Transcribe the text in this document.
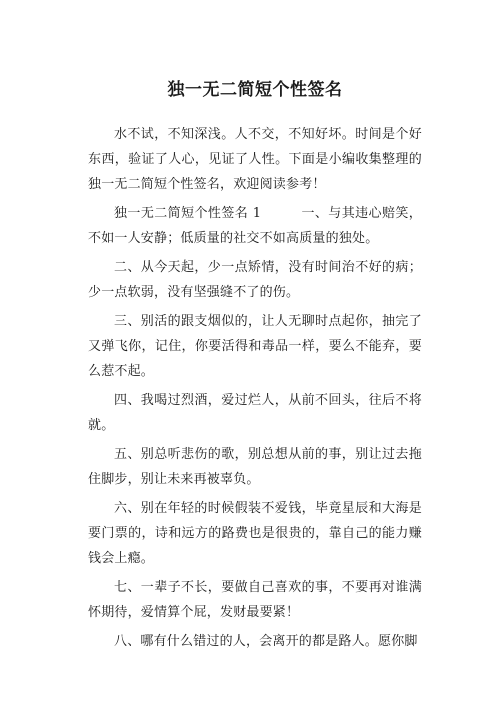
独一无二简短个性签名

水不试，不知深浅。人不交，不知好坏。时间是个好东西，验证了人心，见证了人性。下面是小编收集整理的独一无二简短个性签名，欢迎阅读参考！

独一无二简短个性签名 1	一、与其违心赔笑，不如一人安静；低质量的社交不如高质量的独处。

二、从今天起，少一点矫情，没有时间治不好的病；少一点软弱，没有坚强缝不了的伤。

三、别活的跟支烟似的，让人无聊时点起你，抽完了又弹飞你，记住，你要活得和毒品一样，要么不能弃，要么惹不起。

四、我喝过烈酒，爱过烂人，从前不回头，往后不将就。

五、别总听悲伤的歌，别总想从前的事，别让过去拖住脚步，别让未来再被辜负。

六、别在年轻的时候假装不爱钱，毕竟星辰和大海是要门票的，诗和远方的路费也是很贵的，靠自己的能力赚钱会上瘾。

七、一辈子不长，要做自己喜欢的事，不要再对谁满怀期待，爱情算个屁，发财最要紧！

八、哪有什么错过的人，会离开的都是路人。愿你脚
